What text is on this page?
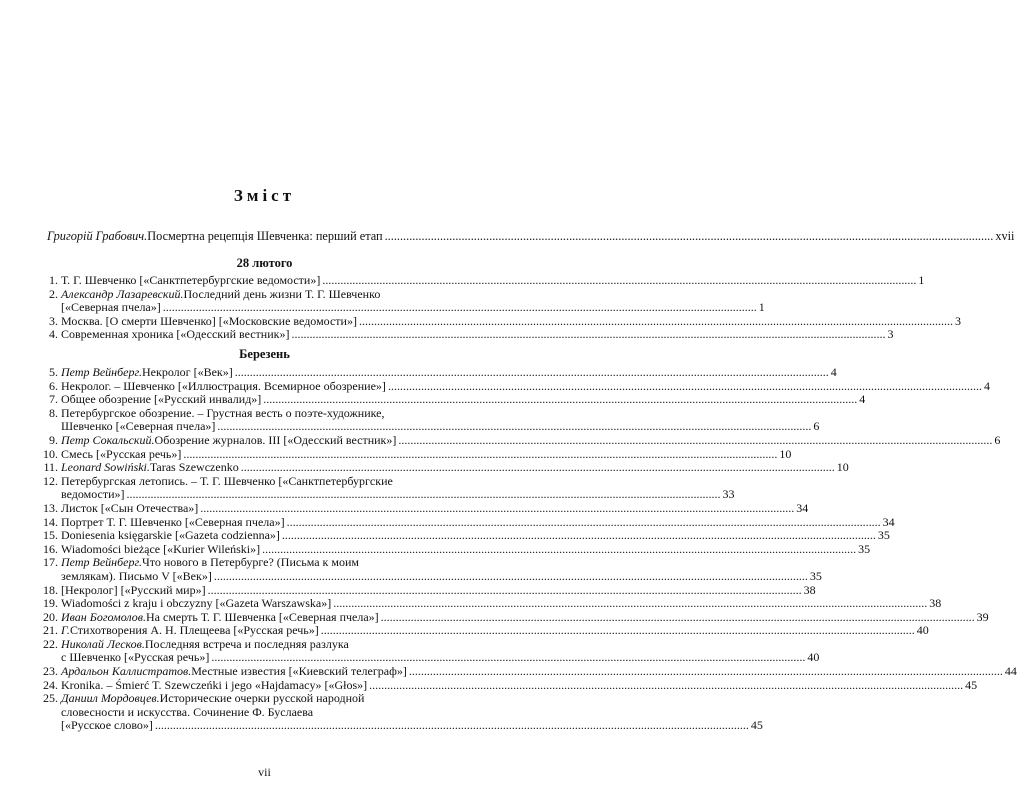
Зміст
Григорій Грабович. Посмертна рецепція Шевченка: перший етап .....	xvii
28 лютого
1. Т. Г. Шевченко [«Санктпетербургские ведомости»] .....	1
2. Александр Лазаревский. Последний день жизни Т. Г. Шевченко
[«Северная пчела»] .....	1
3. Москва. [О смерти Шевченко] [«Московские ведомости»] .....	3
4. Современная хроника [«Одесский вестник»] .....	3
Березень
5. Петр Вейнберг. Некролог [«Век»] .....	4
6. Некролог. – Шевченко [«Иллюстрация. Всемирное обозрение»] .....	4
7. Общее обозрение [«Русский инвалид»] .....	4
8. Петербургское обозрение. – Грустная весть о поэте-художнике,
Шевченко [«Северная пчела»] .....	6
9. Петр Сокальский. Обозрение журналов. III [«Одесский вестник»] .....	6
10. Смесь [«Русская речь»] .....	10
11. Leonard Sowiński. Taras Szewczenko .....	10
12. Петербургская летопись. – Т. Г. Шевченко [«Санктпетербургские
ведомости»] .....	33
13. Листок [«Сын Отечества»] .....	34
14. Портрет Т. Г. Шевченко [«Северная пчела»] .....	34
15. Doniesenia księgarskie [«Gazeta codzienna»] .....	35
16. Wiadomości bieżące [«Kurier Wileński»] .....	35
17. Петр Вейнберг. Что нового в Петербурге? (Письма к моим
землякам). Письмо V [«Век»] .....	35
18. [Некролог] [«Русский мир»] .....	38
19. Wiadomości z kraju i obczyzny [«Gazeta Warszawska»] .....	38
20. Иван Богомолов. На смерть Т. Г. Шевченка [«Северная пчела»] .....	39
21. Г. Стихотворения А. Н. Плещеева [«Русская речь»] .....	40
22. Николай Лесков. Последняя встреча и последняя разлука
с Шевченко [«Русская речь»] .....	40
23. Ардальон Каллистратов. Местные известия [«Киевский телеграф»] .....	44
24. Kronika. – Śmierć T. Szewczeńki i jego «Hajdamacy» [«Głos»] .....	45
25. Даниил Мордовцев. Исторические очерки русской народной
словесности и искусства. Сочинение Ф. Буслаева
[«Русское слово»] .....	45
vii
